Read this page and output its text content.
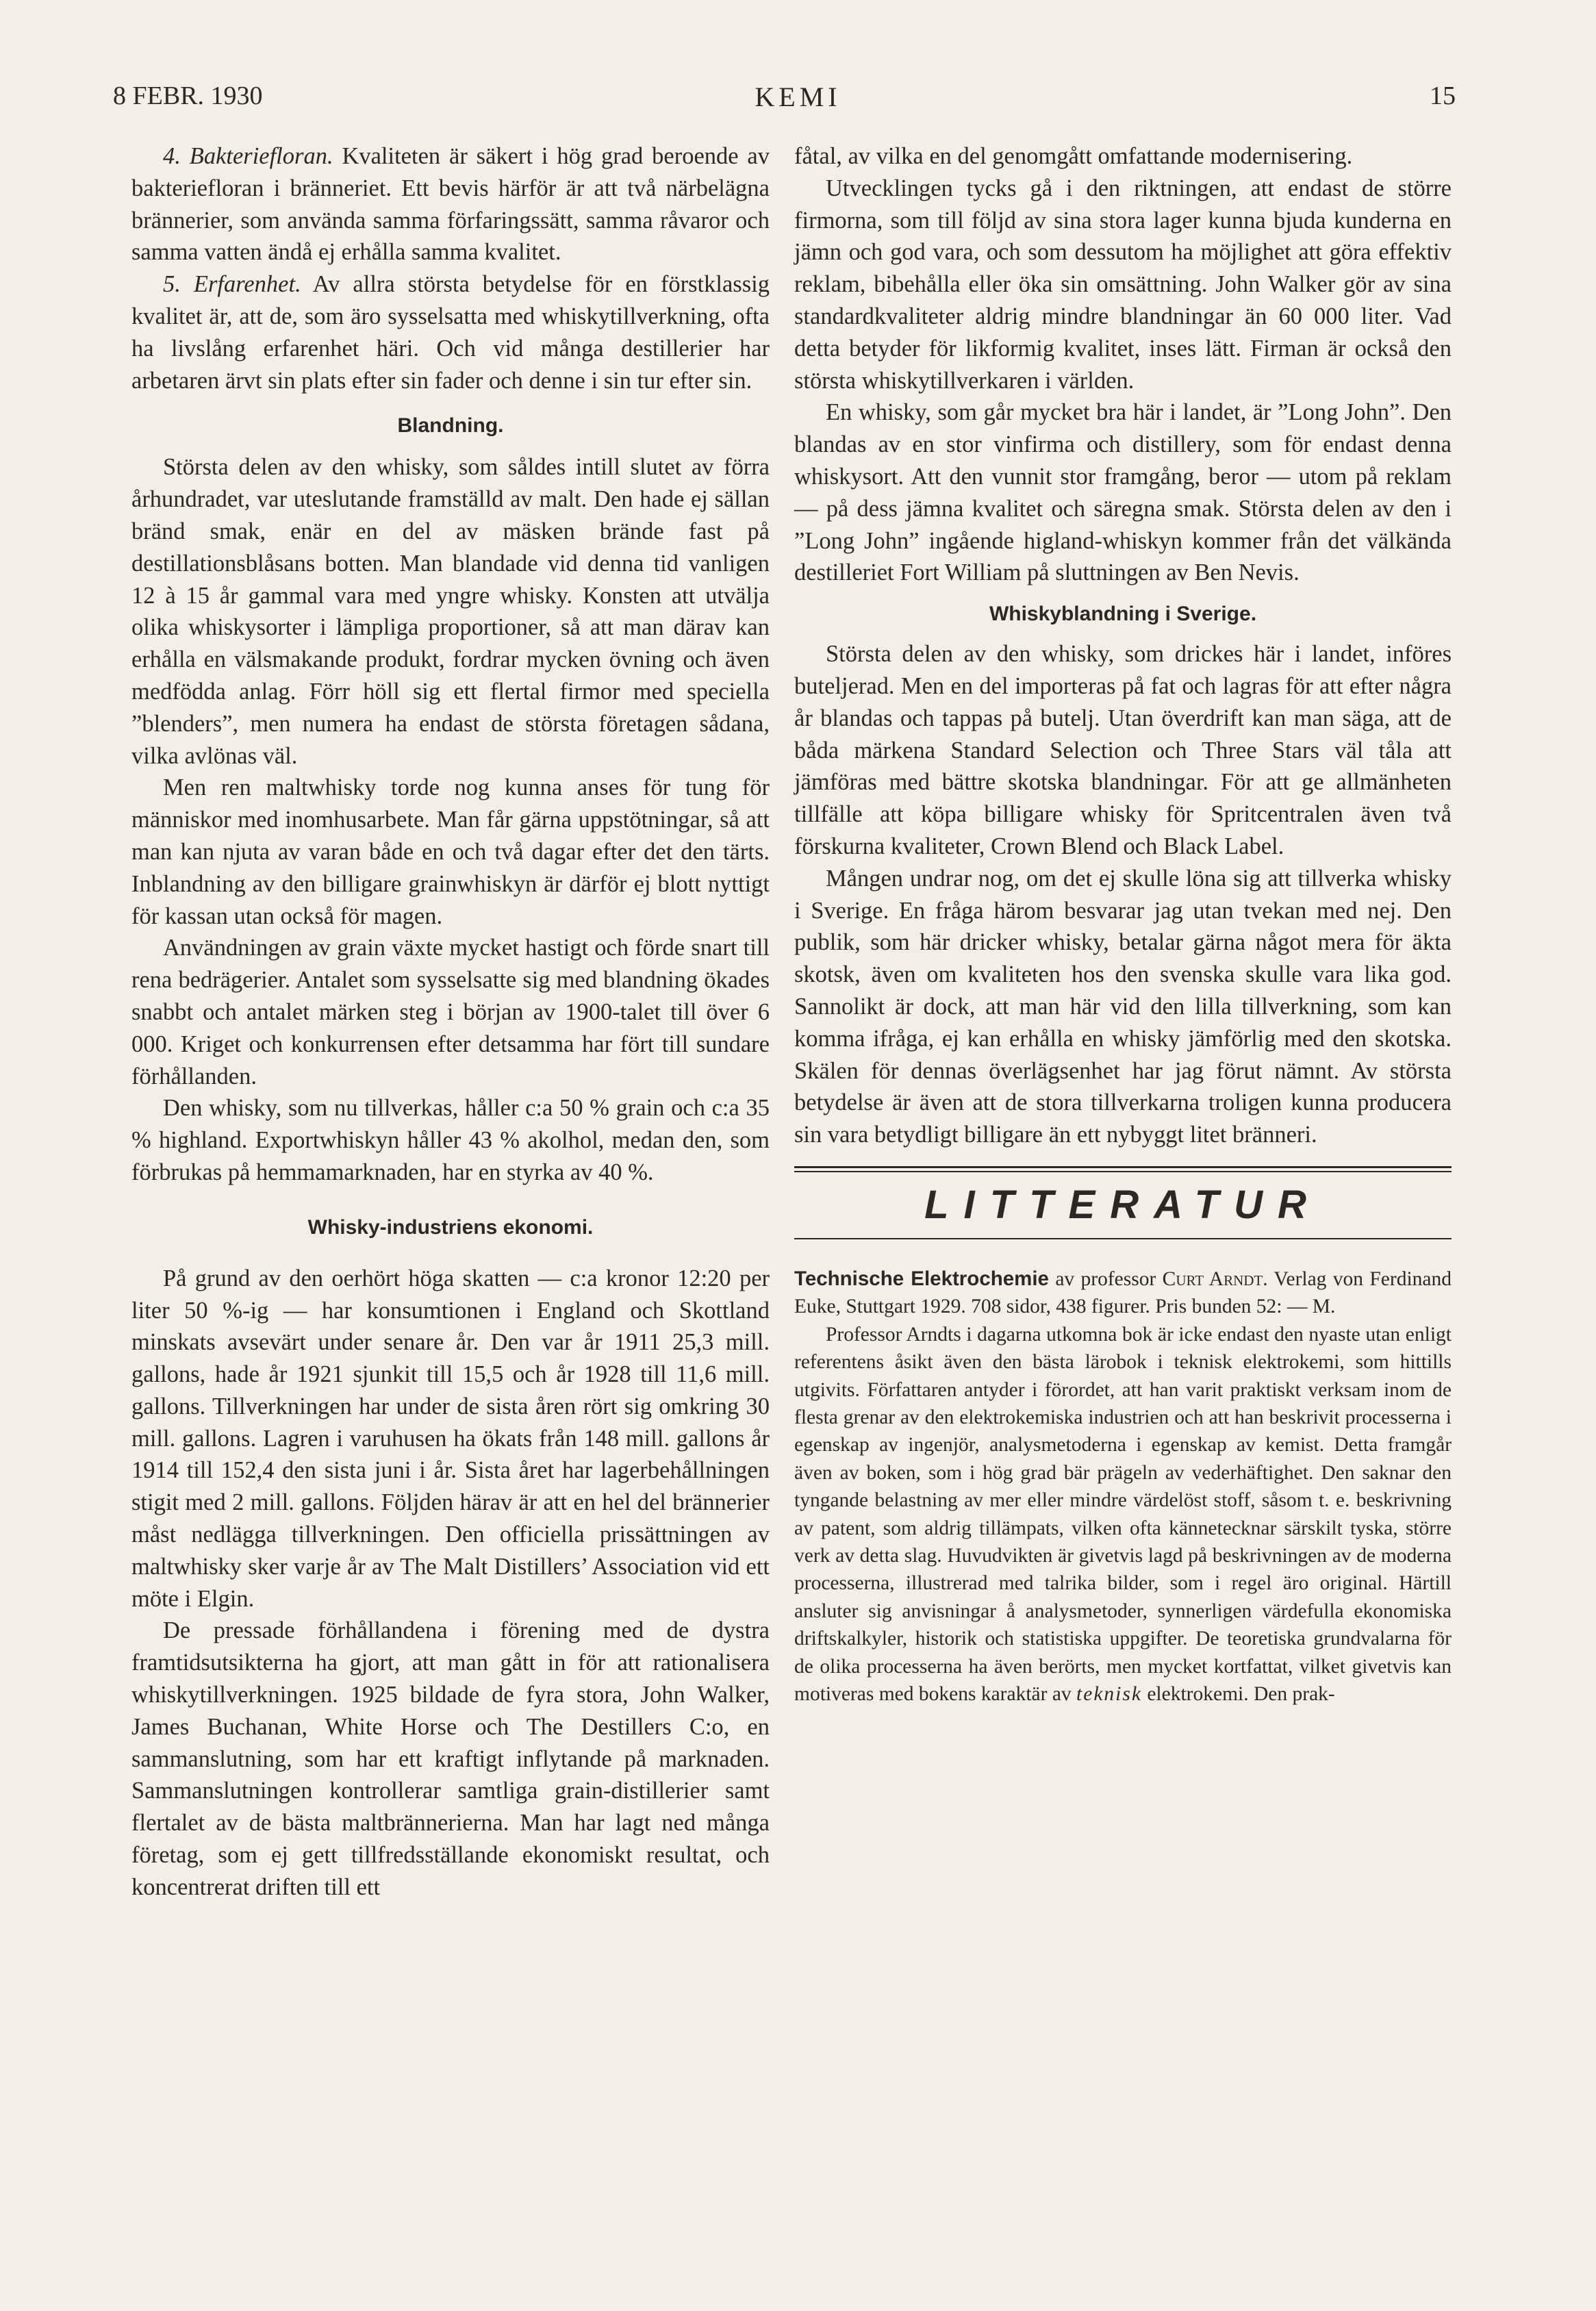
8 FEBR. 1930	KEMI	15

4. Bakteriefloran. Kvaliteten är säkert i hög grad beroende av bakteriefloran i bränneriet. Ett bevis härför är att två närbelägna brännerier, som använda samma förfaringssätt, samma råvaror och samma vatten ändå ej erhålla samma kvalitet.

5. Erfarenhet. Av allra största betydelse för en förstklassig kvalitet är, att de, som äro sysselsatta med whiskytillverkning, ofta ha livslång erfarenhet häri. Och vid många destillerier har arbetaren ärvt sin plats efter sin fader och denne i sin tur efter sin.

Blandning.

Största delen av den whisky, som såldes intill slutet av förra århundradet, var uteslutande framställd av malt. Den hade ej sällan bränd smak, enär en del av mäsken brände fast på destillationsblåsans botten. Man blandade vid denna tid vanligen 12 à 15 år gammal vara med yngre whisky. Konsten att utvälja olika whiskysorter i lämpliga proportioner, så att man därav kan erhålla en välsmakande produkt, fordrar mycken övning och även medfödda anlag. Förr höll sig ett flertal firmor med speciella ”blenders”, men numera ha endast de största företagen sådana, vilka avlönas väl.

Men ren maltwhisky torde nog kunna anses för tung för människor med inomhusarbete. Man får gärna uppstötningar, så att man kan njuta av varan både en och två dagar efter det den tärts. Inblandning av den billigare grainwhiskyn är därför ej blott nyttigt för kassan utan också för magen.

Användningen av grain växte mycket hastigt och förde snart till rena bedrägerier. Antalet som sysselsatte sig med blandning ökades snabbt och antalet märken steg i början av 1900-talet till över 6 000. Kriget och konkurrensen efter detsamma har fört till sundare förhållanden.

Den whisky, som nu tillverkas, håller c:a 50 % grain och c:a 35 % highland. Exportwhiskyn håller 43 % akolhol, medan den, som förbrukas på hemmamarknaden, har en styrka av 40 %.

Whisky-industriens ekonomi.

På grund av den oerhört höga skatten — c:a kronor 12:20 per liter 50 %-ig — har konsumtionen i England och Skottland minskats avsevärt under senare år. Den var år 1911 25,3 mill. gallons, hade år 1921 sjunkit till 15,5 och år 1928 till 11,6 mill. gallons. Tillverkningen har under de sista åren rört sig omkring 30 mill. gallons. Lagren i varuhusen ha ökats från 148 mill. gallons år 1914 till 152,4 den sista juni i år. Sista året har lagerbehållningen stigit med 2 mill. gallons. Följden härav är att en hel del brännerier måst nedlägga tillverkningen. Den officiella prissättningen av maltwhisky sker varje år av The Malt Distillers’ Association vid ett möte i Elgin.

De pressade förhållandena i förening med de dystra framtidsutsikterna ha gjort, att man gått in för att rationalisera whiskytillverkningen. 1925 bildade de fyra stora, John Walker, James Buchanan, White Horse och The Destillers C:o, en sammanslutning, som har ett kraftigt inflytande på marknaden. Sammanslutningen kontrollerar samtliga grain-distillerier samt flertalet av de bästa maltbrännerierna. Man har lagt ned många företag, som ej gett tillfredsställande ekonomiskt resultat, och koncentrerat driften till ett

fåtal, av vilka en del genomgått omfattande modernisering.

Utvecklingen tycks gå i den riktningen, att endast de större firmorna, som till följd av sina stora lager kunna bjuda kunderna en jämn och god vara, och som dessutom ha möjlighet att göra effektiv reklam, bibehålla eller öka sin omsättning. John Walker gör av sina standardkvaliteter aldrig mindre blandningar än 60 000 liter. Vad detta betyder för likformig kvalitet, inses lätt. Firman är också den största whiskytillverkaren i världen.

En whisky, som går mycket bra här i landet, är ”Long John”. Den blandas av en stor vinfirma och distillery, som för endast denna whiskysort. Att den vunnit stor framgång, beror — utom på reklam — på dess jämna kvalitet och säregna smak. Största delen av den i ”Long John” ingående higland-whiskyn kommer från det välkända destilleriet Fort William på sluttningen av Ben Nevis.

Whiskyblandning i Sverige.

Största delen av den whisky, som drickes här i landet, införes buteljerad. Men en del importeras på fat och lagras för att efter några år blandas och tappas på butelj. Utan överdrift kan man säga, att de båda märkena Standard Selection och Three Stars väl tåla att jämföras med bättre skotska blandningar. För att ge allmänheten tillfälle att köpa billigare whisky för Spritcentralen även två förskurna kvaliteter, Crown Blend och Black Label.

Mången undrar nog, om det ej skulle löna sig att tillverka whisky i Sverige. En fråga härom besvarar jag utan tvekan med nej. Den publik, som här dricker whisky, betalar gärna något mera för äkta skotsk, även om kvaliteten hos den svenska skulle vara lika god. Sannolikt är dock, att man här vid den lilla tillverkning, som kan komma ifråga, ej kan erhålla en whisky jämförlig med den skotska. Skälen för dennas överlägsenhet har jag förut nämnt. Av största betydelse är även att de stora tillverkarna troligen kunna producera sin vara betydligt billigare än ett nybyggt litet bränneri.

LITTERATUR

Technische Elektrochemie av professor Curt Arndt. Verlag von Ferdinand Euke, Stuttgart 1929. 708 sidor, 438 figurer. Pris bunden 52: — M.

Professor Arndts i dagarna utkomna bok är icke endast den nyaste utan enligt referentens åsikt även den bästa lärobok i teknisk elektrokemi, som hittills utgivits. Författaren antyder i förordet, att han varit praktiskt verksam inom de flesta grenar av den elektrokemiska industrien och att han beskrivit processerna i egenskap av ingenjör, analysmetoderna i egenskap av kemist. Detta framgår även av boken, som i hög grad bär prägeln av vederhäftighet. Den saknar den tyngande belastning av mer eller mindre värdelöst stoff, såsom t. e. beskrivning av patent, som aldrig tillämpats, vilken ofta kännetecknar särskilt tyska, större verk av detta slag. Huvudvikten är givetvis lagd på beskrivningen av de moderna processerna, illustrerad med talrika bilder, som i regel äro original. Härtill ansluter sig anvisningar å analysmetoder, synnerligen värdefulla ekonomiska driftskalkyler, historik och statistiska uppgifter. De teoretiska grundvalarna för de olika processerna ha även berörts, men mycket kortfattat, vilket givetvis kan motiveras med bokens karaktär av teknisk elektrokemi. Den prak-
